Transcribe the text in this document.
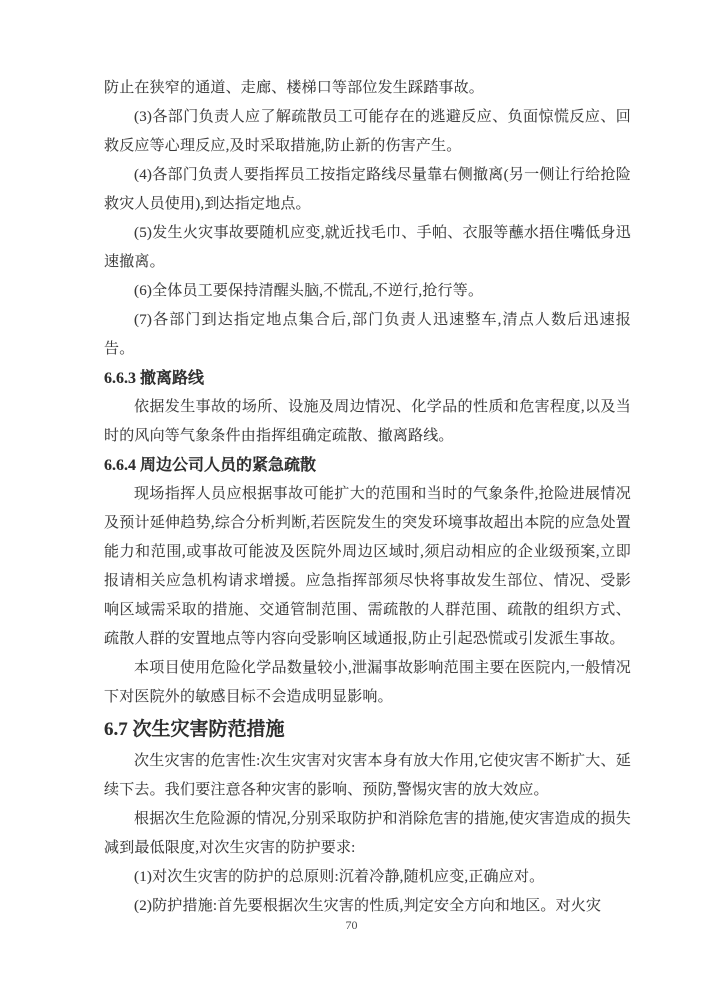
防止在狭窄的通道、走廊、楼梯口等部位发生踩踏事故。

(3)各部门负责人应了解疏散员工可能存在的逃避反应、负面惊慌反应、回救反应等心理反应,及时采取措施,防止新的伤害产生。

(4)各部门负责人要指挥员工按指定路线尽量靠右侧撤离(另一侧让行给抢险救灾人员使用),到达指定地点。

(5)发生火灾事故要随机应变,就近找毛巾、手帕、衣服等蘸水捂住嘴低身迅速撤离。

(6)全体员工要保持清醒头脑,不慌乱,不逆行,抢行等。

(7)各部门到达指定地点集合后,部门负责人迅速整车,清点人数后迅速报告。

6.6.3 撤离路线

依据发生事故的场所、设施及周边情况、化学品的性质和危害程度,以及当时的风向等气象条件由指挥组确定疏散、撤离路线。

6.6.4 周边公司人员的紧急疏散

现场指挥人员应根据事故可能扩大的范围和当时的气象条件,抢险进展情况及预计延伸趋势,综合分析判断,若医院发生的突发环境事故超出本院的应急处置能力和范围,或事故可能波及医院外周边区域时,须启动相应的企业级预案,立即报请相关应急机构请求增援。应急指挥部须尽快将事故发生部位、情况、受影响区域需采取的措施、交通管制范围、需疏散的人群范围、疏散的组织方式、疏散人群的安置地点等内容向受影响区域通报,防止引起恐慌或引发派生事故。

本项目使用危险化学品数量较小,泄漏事故影响范围主要在医院内,一般情况下对医院外的敏感目标不会造成明显影响。

6.7 次生灾害防范措施

次生灾害的危害性:次生灾害对灾害本身有放大作用,它使灾害不断扩大、延续下去。我们要注意各种灾害的影响、预防,警惕灾害的放大效应。

根据次生危险源的情况,分别采取防护和消除危害的措施,使灾害造成的损失减到最低限度,对次生灾害的防护要求:

(1)对次生灾害的防护的总原则:沉着冷静,随机应变,正确应对。

(2)防护措施:首先要根据次生灾害的性质,判定安全方向和地区。对火灾

70
